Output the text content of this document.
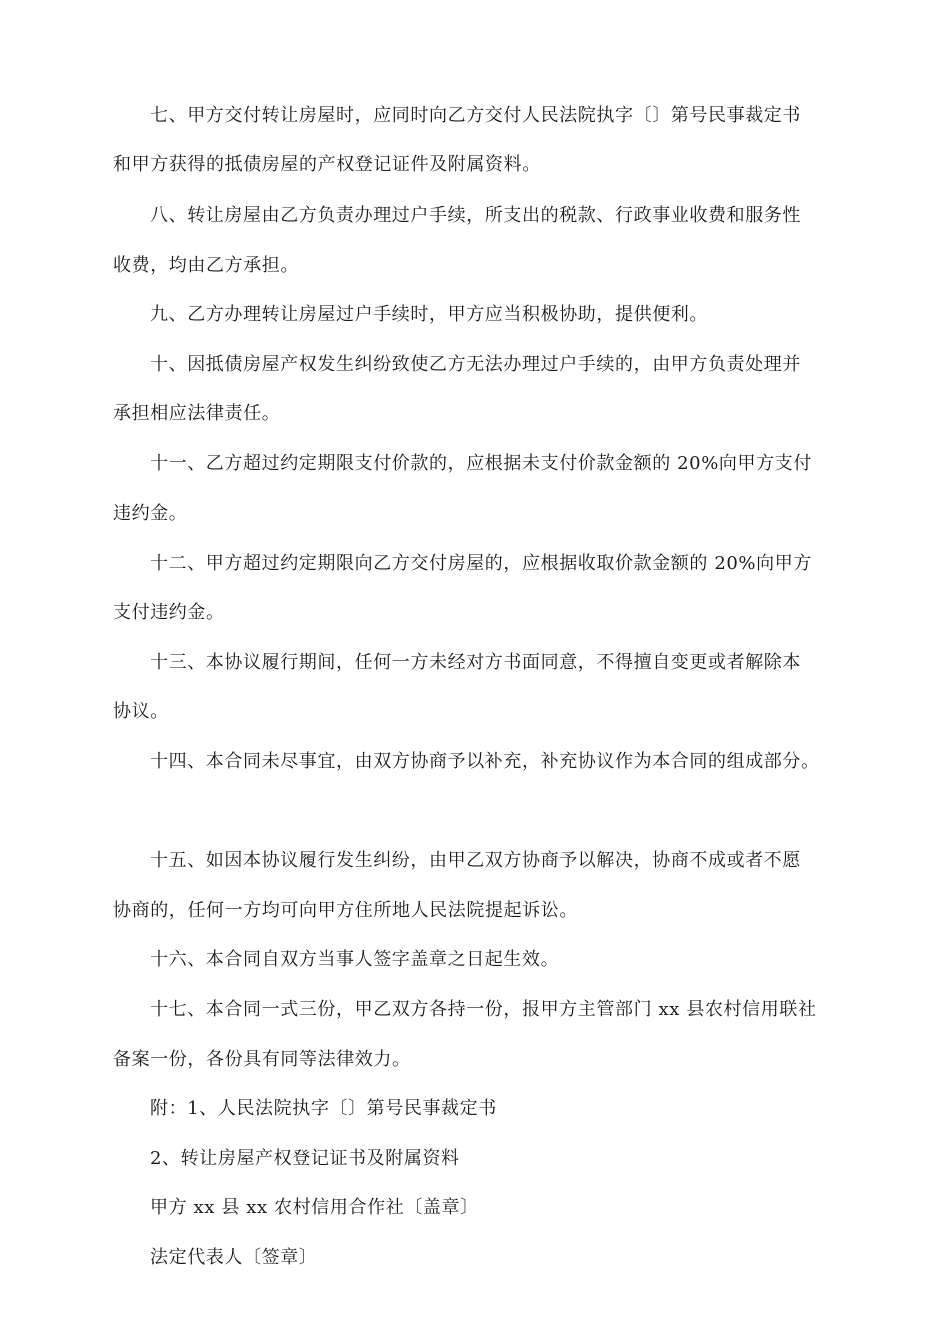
七、甲方交付转让房屋时，应同时向乙方交付人民法院执字〔〕第号民事裁定书
和甲方获得的抵债房屋的产权登记证件及附属资料。
八、转让房屋由乙方负责办理过户手续，所支出的税款、行政事业收费和服务性
收费，均由乙方承担。
九、乙方办理转让房屋过户手续时，甲方应当积极协助，提供便利。
十、因抵债房屋产权发生纠纷致使乙方无法办理过户手续的，由甲方负责处理并
承担相应法律责任。
十一、乙方超过约定期限支付价款的，应根据未支付价款金额的 20%向甲方支付
违约金。
十二、甲方超过约定期限向乙方交付房屋的，应根据收取价款金额的 20%向甲方
支付违约金。
十三、本协议履行期间，任何一方未经对方书面同意，不得擅自变更或者解除本
协议。
十四、本合同未尽事宜，由双方协商予以补充，补充协议作为本合同的组成部分。
十五、如因本协议履行发生纠纷，由甲乙双方协商予以解决，协商不成或者不愿
协商的，任何一方均可向甲方住所地人民法院提起诉讼。
十六、本合同自双方当事人签字盖章之日起生效。
十七、本合同一式三份，甲乙双方各持一份，报甲方主管部门 xx 县农村信用联社
备案一份，各份具有同等法律效力。
附：1、人民法院执字〔〕第号民事裁定书
2、转让房屋产权登记证书及附属资料
甲方 xx 县 xx 农村信用合作社〔盖章〕
法定代表人〔签章〕
